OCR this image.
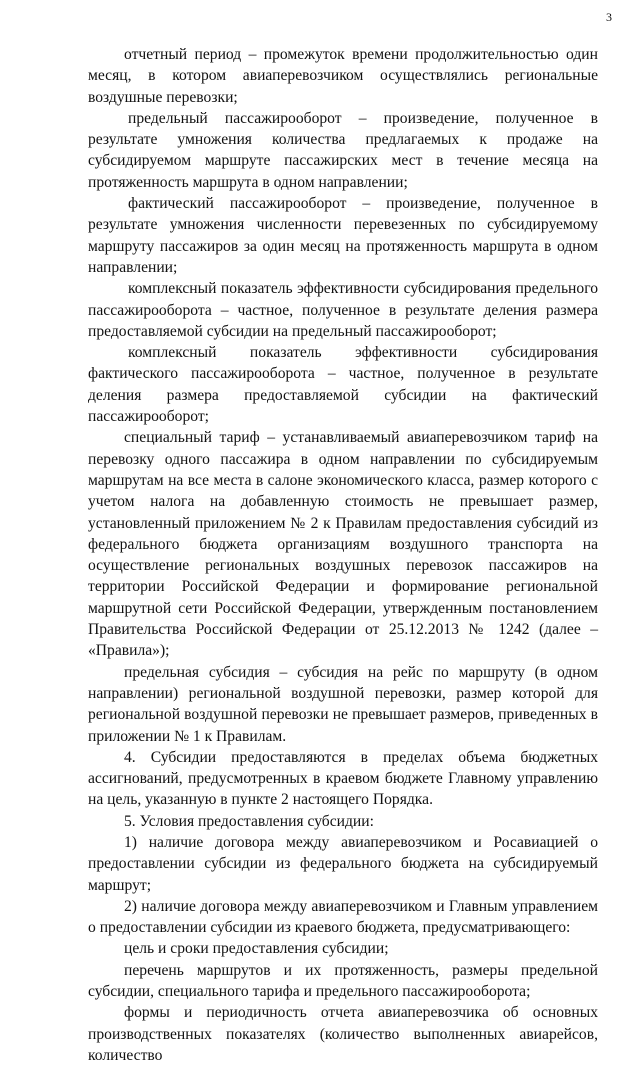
3

отчетный период – промежуток времени продолжительностью один месяц, в котором авиаперевозчиком осуществлялись региональные воздушные перевозки;

предельный пассажирооборот – произведение, полученное в результате умножения количества предлагаемых к продаже на субсидируемом маршруте пассажирских мест в течение месяца на протяженность маршрута в одном направлении;

фактический пассажирооборот – произведение, полученное в результате умножения численности перевезенных по субсидируемому маршруту пассажиров за один месяц на протяженность маршрута в одном направлении;

комплексный показатель эффективности субсидирования предельного пассажирооборота – частное, полученное в результате деления размера предоставляемой субсидии на предельный пассажирооборот;

комплексный показатель эффективности субсидирования фактического пассажирооборота – частное, полученное в результате деления размера предоставляемой субсидии на фактический пассажирооборот;

специальный тариф – устанавливаемый авиаперевозчиком тариф на перевозку одного пассажира в одном направлении по субсидируемым маршрутам на все места в салоне экономического класса, размер которого с учетом налога на добавленную стоимость не превышает размер, установленный приложением № 2 к Правилам предоставления субсидий из федерального бюджета организациям воздушного транспорта на осуществление региональных воздушных перевозок пассажиров на территории Российской Федерации и формирование региональной маршрутной сети Российской Федерации, утвержденным постановлением Правительства Российской Федерации от 25.12.2013 № 1242 (далее – «Правила»);

предельная субсидия – субсидия на рейс по маршруту (в одном направлении) региональной воздушной перевозки, размер которой для региональной воздушной перевозки не превышает размеров, приведенных в приложении № 1 к Правилам.

4. Субсидии предоставляются в пределах объема бюджетных ассигнований, предусмотренных в краевом бюджете Главному управлению на цель, указанную в пункте 2 настоящего Порядка.

5. Условия предоставления субсидии:

1) наличие договора между авиаперевозчиком и Росавиацией о предоставлении субсидии из федерального бюджета на субсидируемый маршрут;

2) наличие договора между авиаперевозчиком и Главным управлением о предоставлении субсидии из краевого бюджета, предусматривающего:

цель и сроки предоставления субсидии;

перечень маршрутов и их протяженность, размеры предельной субсидии, специального тарифа и предельного пассажирооборота;

формы и периодичность отчета авиаперевозчика об основных производственных показателях (количество выполненных авиарейсов, количество
